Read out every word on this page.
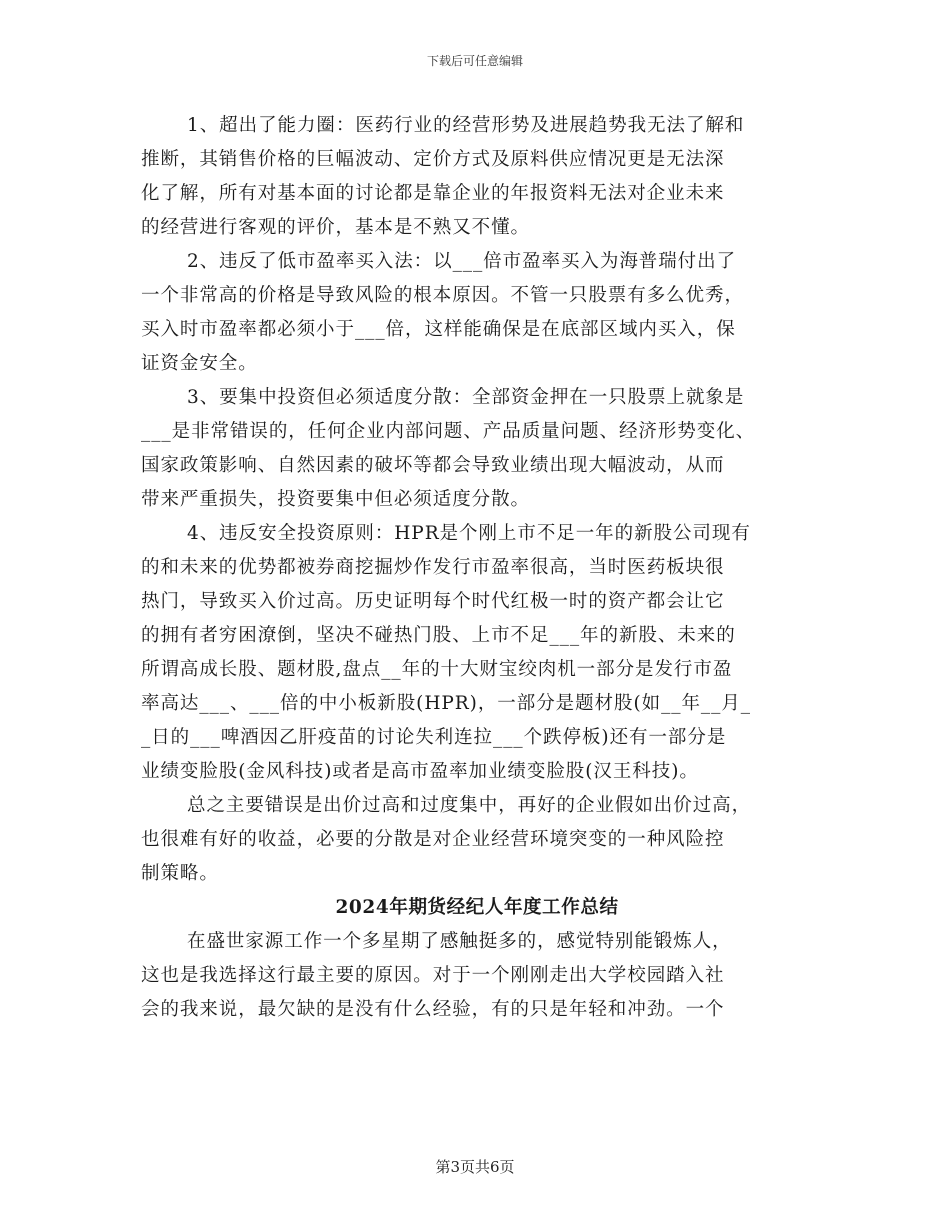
下载后可任意编辑
1、超出了能力圈：医药行业的经营形势及进展趋势我无法了解和
推断，其销售价格的巨幅波动、定价方式及原料供应情况更是无法深
化了解，所有对基本面的讨论都是靠企业的年报资料无法对企业未来
的经营进行客观的评价，基本是不熟又不懂。
2、违反了低市盈率买入法：以___倍市盈率买入为海普瑞付出了
一个非常高的价格是导致风险的根本原因。不管一只股票有多么优秀，
买入时市盈率都必须小于___倍，这样能确保是在底部区域内买入，保
证资金安全。
3、要集中投资但必须适度分散：全部资金押在一只股票上就象是
___是非常错误的，任何企业内部问题、产品质量问题、经济形势变化、
国家政策影响、自然因素的破坏等都会导致业绩出现大幅波动，从而
带来严重损失，投资要集中但必须适度分散。
4、违反安全投资原则：HPR是个刚上市不足一年的新股公司现有
的和未来的优势都被券商挖掘炒作发行市盈率很高，当时医药板块很
热门，导致买入价过高。历史证明每个时代红极一时的资产都会让它
的拥有者穷困潦倒，坚决不碰热门股、上市不足___年的新股、未来的
所谓高成长股、题材股,盘点__年的十大财宝绞肉机一部分是发行市盈
率高达___、___倍的中小板新股(HPR)，一部分是题材股(如__年__月_
_日的___啤酒因乙肝疫苗的讨论失利连拉___个跌停板)还有一部分是
业绩变脸股(金风科技)或者是高市盈率加业绩变脸股(汉王科技)。
总之主要错误是出价过高和过度集中，再好的企业假如出价过高，
也很难有好的收益，必要的分散是对企业经营环境突变的一种风险控
制策略。
2024年期货经纪人年度工作总结
在盛世家源工作一个多星期了感触挺多的，感觉特别能锻炼人，
这也是我选择这行最主要的原因。对于一个刚刚走出大学校园踏入社
会的我来说，最欠缺的是没有什么经验，有的只是年轻和冲劲。一个
第3页共6页
